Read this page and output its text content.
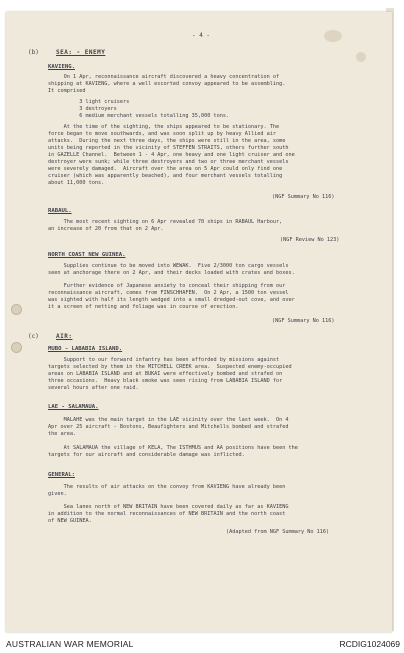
- 4 -
(b)	SEA: - ENEMY
KAVIENG.
On 1 Apr, reconnaissance aircraft discovered a heavy concentration of
shipping at KAVIENG, where a well escorted convoy appeared to be assembling.
It comprised
3 light cruisers
3 destroyers
6 medium merchant vessels totalling 35,000 tons.
At the time of the sighting, the ships appeared to be stationary. The
force began to move southwards, and was soon split up by heavy Allied air
attacks.  During the next three days, the ships were still in the area, some
units being reported in the vicinity of STEFFEN STRAITS, others further south
in GAZELLE Channel.  Between 1 - 4 Apr, one heavy and one light cruiser and one
destroyer were sunk; while three destroyers and two or three merchant vessels
were severely damaged.  Aircraft over the area on 5 Apr could only find one
cruiser (which was apparently beached), and four merchant vessels totalling
about 11,000 tons.
(NGF Summary No 116)
RABAUL.
The most recent sighting on 6 Apr revealed 70 ships in RABAUL Harbour,
an increase of 20 from that on 2 Apr.
(NGF Review No 123)
NORTH COAST NEW GUINEA.
Supplies continue to be moved into WEWAK.  Five 2/3000 ton cargo vessels
seen at anchorage there on 2 Apr, and their decks loaded with crates and boxes.
Further evidence of Japanese anxiety to conceal their shipping from our
reconnaissance aircraft, comes from FINSCHHAFEN.  On 2 Apr, a 1500 ton vessel
was sighted with half its length wedged into a small dredged-out cove, and over
it a screen of netting and foliage was in course of erection.
(NGF Summary No 116)
(c)	AIR:
MUBO - LABABIA ISLAND.
Support to our forward infantry has been afforded by missions against
targets selected by them in the MITCHELL CREEK area.  Suspected enemy-occupied
areas on LABABIA ISLAND and at BUKAI were effectively bombed and strafed on
three occasions.  Heavy black smoke was seen rising from LABABIA ISLAND for
several hours after one raid.
LAE - SALAMAUA.
MALAHE was the main target in the LAE vicinity over the last week.  On 4
Apr over 25 aircraft - Bostons, Beaufighters and Mitchells bombed and strafed
the area.
At SALAMAUA the village of KELA, The ISTHMUS and AA positions have been the
targets for our aircraft and considerable damage was inflicted.
GENERAL:
The results of air attacks on the convoy from KAVIENG have already been
given.
Sea lanes north of NEW BRITAIN have been covered daily as far as KAVIENG
in addition to the normal reconnaissances of NEW BRITAIN and the north coast
of NEW GUINEA.
(Adapted from NGF Summary No 116)
AUSTRALIAN WAR MEMORIAL	RCDIG1024069
